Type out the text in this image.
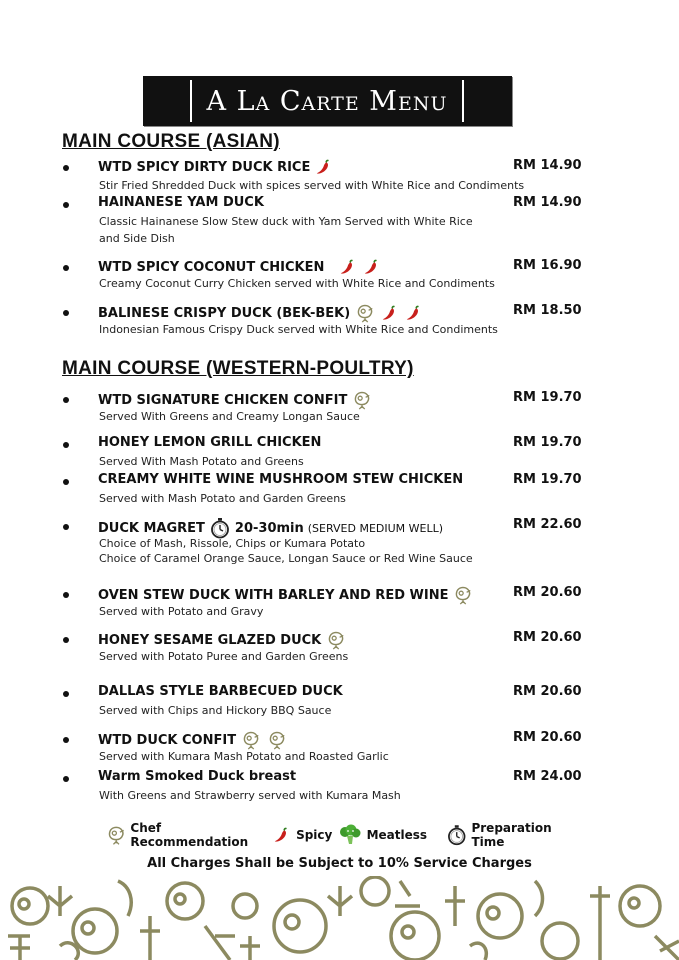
A La Carte Menu
MAIN COURSE (ASIAN)
WTD SPICY DIRTY DUCK RICE	RM 14.90
Stir Fried Shredded Duck with spices served with White Rice and Condiments
HAINANESE YAM DUCK	RM 14.90
Classic Hainanese Slow Stew duck with Yam Served with White Rice
and Side Dish
WTD SPICY COCONUT CHICKEN	RM 16.90
Creamy Coconut Curry Chicken served with White Rice and Condiments
BALINESE CRISPY DUCK (BEK-BEK)	RM 18.50
Indonesian Famous Crispy Duck served with White Rice and Condiments
MAIN COURSE (WESTERN-POULTRY)
WTD SIGNATURE CHICKEN CONFIT	RM 19.70
Served With Greens and Creamy Longan Sauce
HONEY LEMON GRILL CHICKEN	RM 19.70
Served With Mash Potato and Greens
CREAMY WHITE WINE MUSHROOM STEW CHICKEN	RM 19.70
Served with Mash Potato and Garden Greens
DUCK MAGRET 20-30min (SERVED MEDIUM WELL)	RM 22.60
Choice of Mash, Rissole, Chips or Kumara Potato
Choice of Caramel Orange Sauce, Longan Sauce or Red Wine Sauce
OVEN STEW DUCK WITH BARLEY AND RED WINE	RM 20.60
Served with Potato and Gravy
HONEY SESAME GLAZED DUCK	RM 20.60
Served with Potato Puree and Garden Greens
DALLAS STYLE BARBECUED DUCK	RM 20.60
Served with Chips and Hickory BBQ Sauce
WTD DUCK CONFIT	RM 20.60
Served with Kumara Mash Potato and Roasted Garlic
Warm Smoked Duck breast	RM 24.00
With Greens and Strawberry served with Kumara Mash
Chef Recommendation	Spicy	Meatless	Preparation Time
All Charges Shall be Subject to 10% Service Charges
